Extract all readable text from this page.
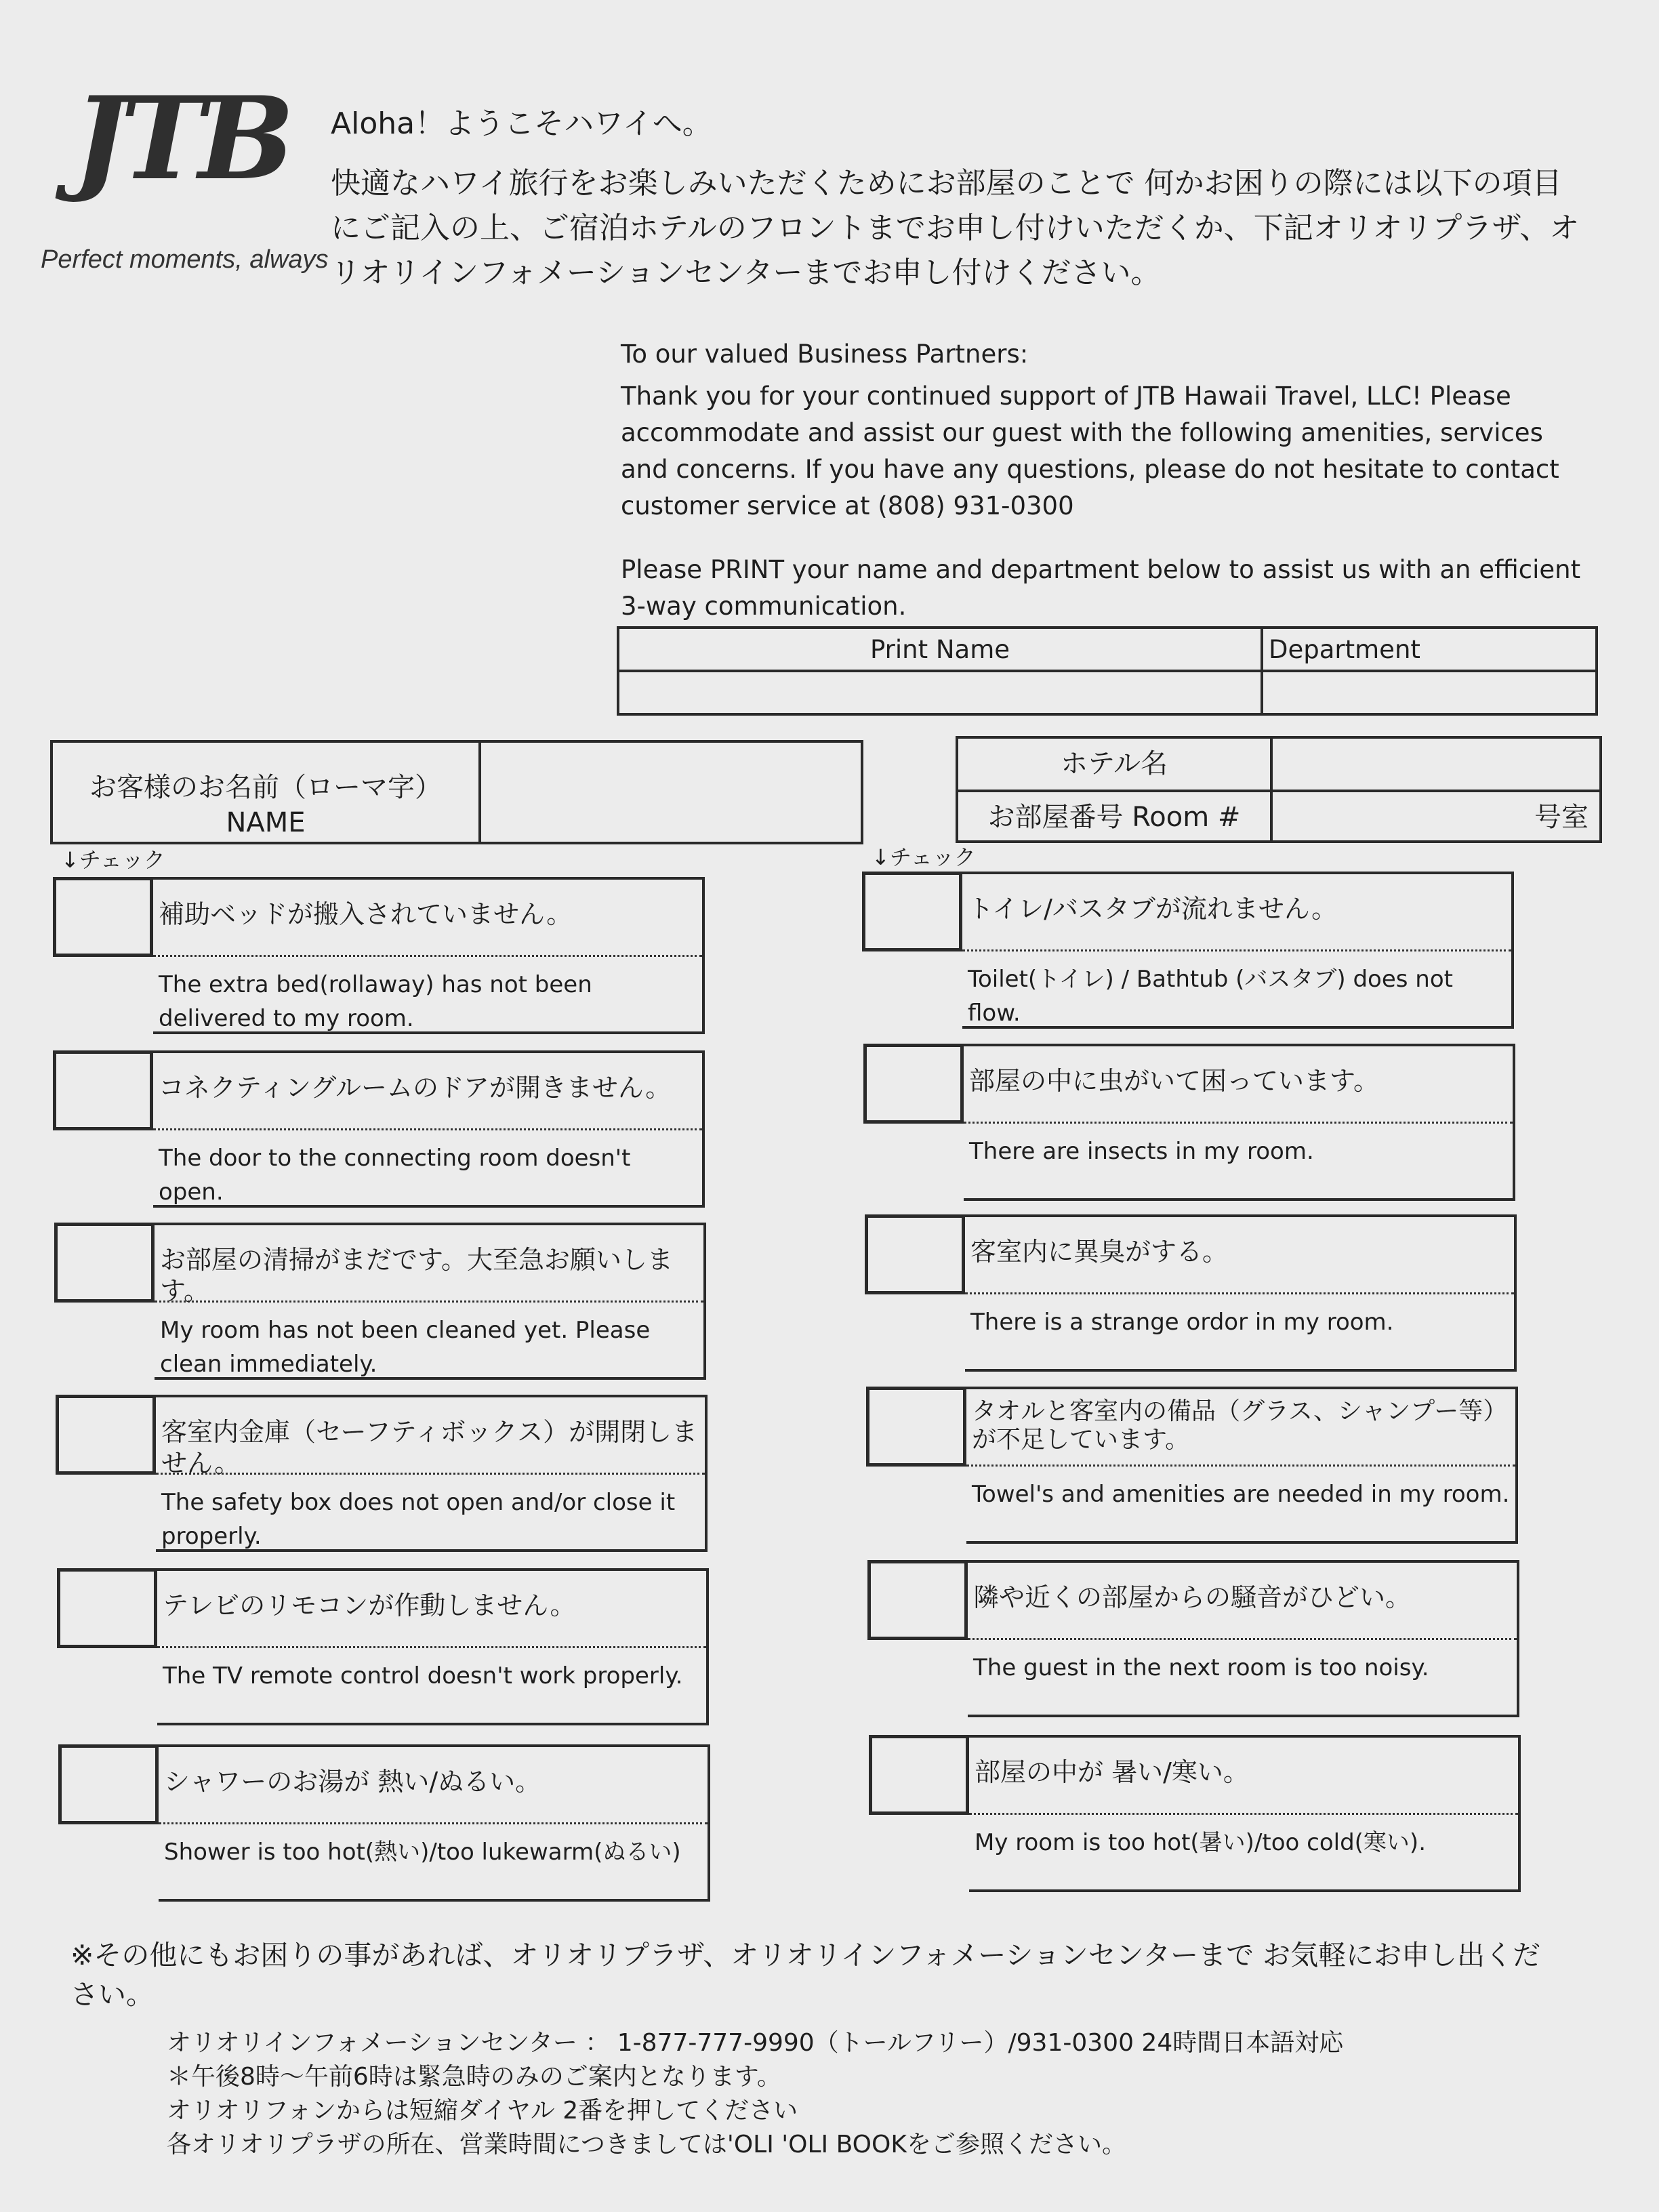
JTB
Perfect moments, always

Aloha！ようこそハワイへ。

快適なハワイ旅行をお楽しみいただくためにお部屋のことで 何かお困りの際には以下の項目にご記入の上、ご宿泊ホテルのフロントまでお申し付けいただくか、下記オリオリプラザ、オリオリインフォメーションセンターまでお申し付けください。

To our valued Business Partners:

Thank you for your continued support of JTB Hawaii Travel, LLC! Please accommodate and assist our guest with the following amenities, services and concerns. If you have any questions, please do not hesitate to contact customer service at (808) 931-0300

Please PRINT your name and department below to assist us with an efficient 3-way communication.

Print Name	Department

お客様のお名前（ローマ字）
NAME
ホテル名
お部屋番号 Room #	号室
↓チェック	↓チェック
補助ベッドが搬入されていません。
The extra bed(rollaway) has not been delivered to my room.
コネクティングルームのドアが開きません。
The door to the connecting room doesn't open.
お部屋の清掃がまだです。大至急お願いします。
My room has not been cleaned yet. Please clean immediately.
客室内金庫（セーフティボックス）が開閉しません。
The safety box does not open and/or close it properly.
テレビのリモコンが作動しません。
The TV remote control doesn't work properly.
シャワーのお湯が 熱い/ぬるい。
Shower is too hot(熱い)/too lukewarm(ぬるい)
トイレ/バスタブが流れません。
Toilet(トイレ) / Bathtub (バスタブ) does not flow.
部屋の中に虫がいて困っています。
There are insects in my room.
客室内に異臭がする。
There is a strange ordor in my room.
タオルと客室内の備品（グラス、シャンプー等）が不足しています。
Towel's and amenities are needed in my room.
隣や近くの部屋からの騒音がひどい。
The guest in the next room is too noisy.
部屋の中が 暑い/寒い。
My room is too hot(暑い)/too cold(寒い).
※その他にもお困りの事があれば、オリオリプラザ、オリオリインフォメーションセンターまで お気軽にお申し出ください。
オリオリインフォメーションセンター ： 1-877-777-9990（トールフリー）/931-0300 24時間日本語対応
＊午後8時～午前6時は緊急時のみのご案内となります。
オリオリフォンからは短縮ダイヤル 2番を押してください
各オリオリプラザの所在、営業時間につきましては'OLI 'OLI BOOKをご参照ください。
